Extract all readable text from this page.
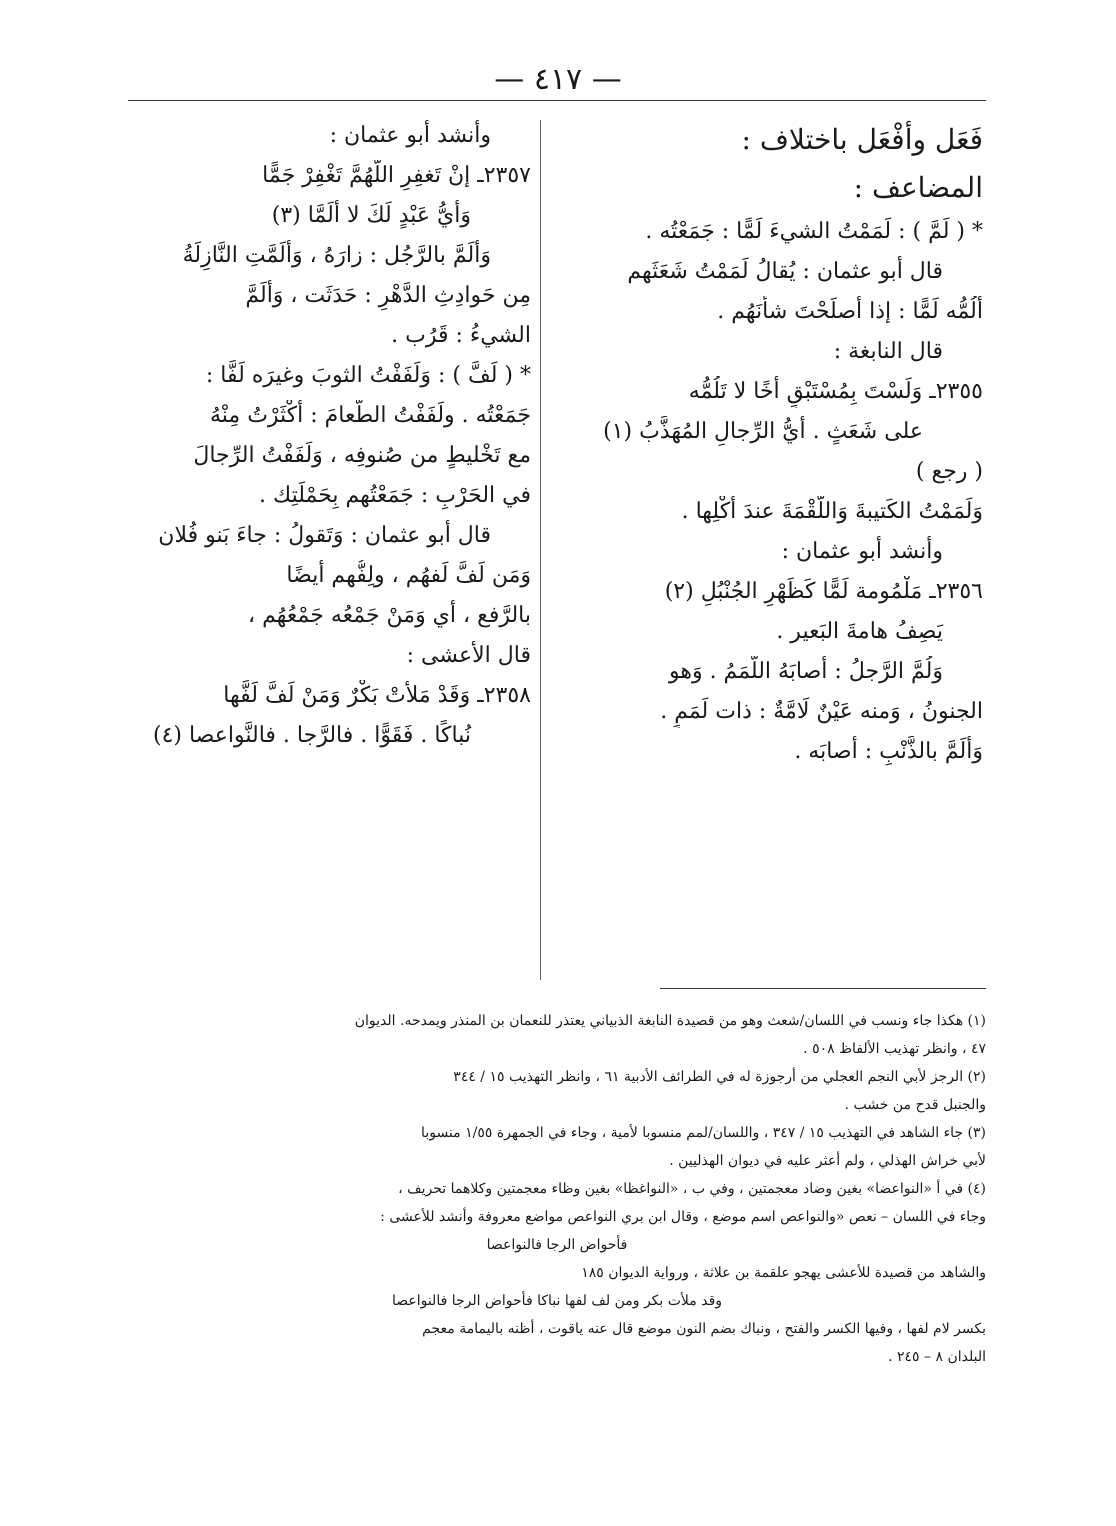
— ٤١٧ —
فَعَل وأفْعَل باختلاف :
المضاعف :
* ( لَمَّ ) : لَمَمْتُ الشيءَ لَمًّا : جَمَعْتُه .
قال أبو عثمان : يُقالُ لَمَمْتُ شَعَثَهم
أَلُمُّه لَمًّا : إذا أَصلَحْتَ شأْنَهُم .
قال النابغة :
٢٣٥٥ـ وَلَسْتَ بِمُسْتَبْقٍ أَخًا لا تَلُمُّه
على شَعَثٍ . أَيُّ الرِّجالِ المُهَذَّبُ (١)
( رجع )
وَلَمَمْتُ الكَتيبةَ وَاللُّقْمَةَ عندَ أَكْلِها .
وأنشد أبو عثمان :
٢٣٥٦ـ مَلْمُومة لَمًّا كَظَهْرِ الجُنْبُلِ (٢)
يَصِفُ هامةَ البَعير .
وَلُمَّ الرَّجلُ : أصابَهُ اللَّمَمُ . وَهو
الجنونُ ، وَمنه عَيْنٌ لَامَّةٌ : ذات لَمَمٍ .
وَأَلَمَّ بالذَّنْبِ : أصابَه .
وأنشد أبو عثمان :
٢٣٥٧ـ إنْ تَغفِرِ اللَّهُمَّ تَغْفِرْ جَمًّا
وَأَيُّ عَبْدٍ لَكَ لا أَلَمَّا (٣)
وَأَلَمَّ بالرَّجُل : زارَهُ ، وَأَلَمَّتِ النَّازِلَةُ
مِن حَوادِثِ الدَّهْرِ : حَدَثَت ، وَأَلَمَّ
الشيءُ : قَرُب .
* ( لَفَّ ) : وَلَفَفْتُ الثوبَ وغيرَه لَفًّا :
جَمَعْتُه . ولَفَفْتُ الطَّعامَ : أَكْثَرْتُ مِنْهُ
مع تَخْليطٍ من صُنوفِه ، وَلَفَفْتُ الرِّجالَ
في الحَرْبِ : جَمَعْتُهم بِحَمْلَتِك .
قال أبو عثمان : وَتَقولُ : جاءَ بَنو فُلان
وَمَن لَفَّ لَفهُم ، ولِفُّهم أَيضًا
بالرَّفع ، أي وَمَنْ جَمْعُه جَمْعُهُم ،
قال الأعشى :
٢٣٥٨ـ وَقَدْ مَلأَتْ بَكْرٌ وَمَنْ لَفَّ لَفَّها
نُباكًا . فَقَوًّا . فالرَّجا . فالنَّواعصا (٤)
(١) هكذا جاء ونسب في اللسان/شعث وهو من قصيدة النابغة الذبياني يعتذر للنعمان بن المنذر ويمدحه. الديوان
٤٧ ، وانظر تهذيب الألفاظ ٥٠٨ .
(٢) الرجز لأبي النجم العجلي من أرجوزة له في الطرائف الأدبية ٦١ ، وانظر التهذيب ١٥ / ٣٤٤
والجنبل قدح من خشب .
(٣) جاء الشاهد في التهذيب ١٥ / ٣٤٧ ، واللسان/لمم منسوبا لأمية ، وجاء في الجمهرة ١/٥٥ منسوبا
لأبي خراش الهذلي ، ولم أعثر عليه في ديوان الهذليين .
(٤) في أ «النواعضا» بغين وضاد معجمتين ، وفي ب ، «النواغظا» بغين وظاء معجمتين وكلاهما تحريف ،
وجاء في اللسان – نعص «والنواعص اسم موضع ، وقال ابن بري النواعص مواضع معروفة وأنشد للأعشى :
فأحواض الرجا فالنواعصا
والشاهد من قصيدة للأعشى يهجو علقمة بن علاثة ، ورواية الديوان ١٨٥
وقد ملأت بكر ومن لف لفها نباكا فأحواض الرجا فالنواعصا
بكسر لام لفها ، وفيها الكسر والفتح ، ونباك بضم النون موضع قال عنه ياقوت ، أظنه باليمامة معجم
البلدان ٨ – ٢٤٥ .
